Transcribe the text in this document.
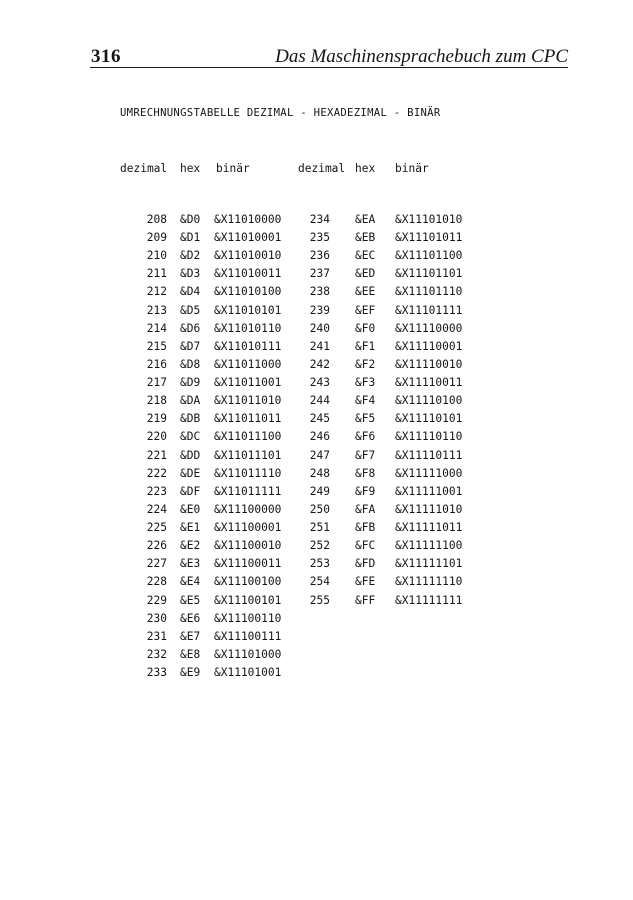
316	Das Maschinensprachebuch zum CPC
UMRECHNUNGSTABELLE DEZIMAL - HEXADEZIMAL - BINÄR
dezimal hex binär	dezimal hex binär
208 &D0 &X11010000
209 &D1 &X11010001
210 &D2 &X11010010
211 &D3 &X11010011
212 &D4 &X11010100
213 &D5 &X11010101
214 &D6 &X11010110
215 &D7 &X11010111
216 &D8 &X11011000
217 &D9 &X11011001
218 &DA &X11011010
219 &DB &X11011011
220 &DC &X11011100
221 &DD &X11011101
222 &DE &X11011110
223 &DF &X11011111
224 &E0 &X11100000
225 &E1 &X11100001
226 &E2 &X11100010
227 &E3 &X11100011
228 &E4 &X11100100
229 &E5 &X11100101
230 &E6 &X11100110
231 &E7 &X11100111
232 &E8 &X11101000
233 &E9 &X11101001
234 &EA &X11101010
235 &EB &X11101011
236 &EC &X11101100
237 &ED &X11101101
238 &EE &X11101110
239 &EF &X11101111
240 &F0 &X11110000
241 &F1 &X11110001
242 &F2 &X11110010
243 &F3 &X11110011
244 &F4 &X11110100
245 &F5 &X11110101
246 &F6 &X11110110
247 &F7 &X11110111
248 &F8 &X11111000
249 &F9 &X11111001
250 &FA &X11111010
251 &FB &X11111011
252 &FC &X11111100
253 &FD &X11111101
254 &FE &X11111110
255 &FF &X11111111
